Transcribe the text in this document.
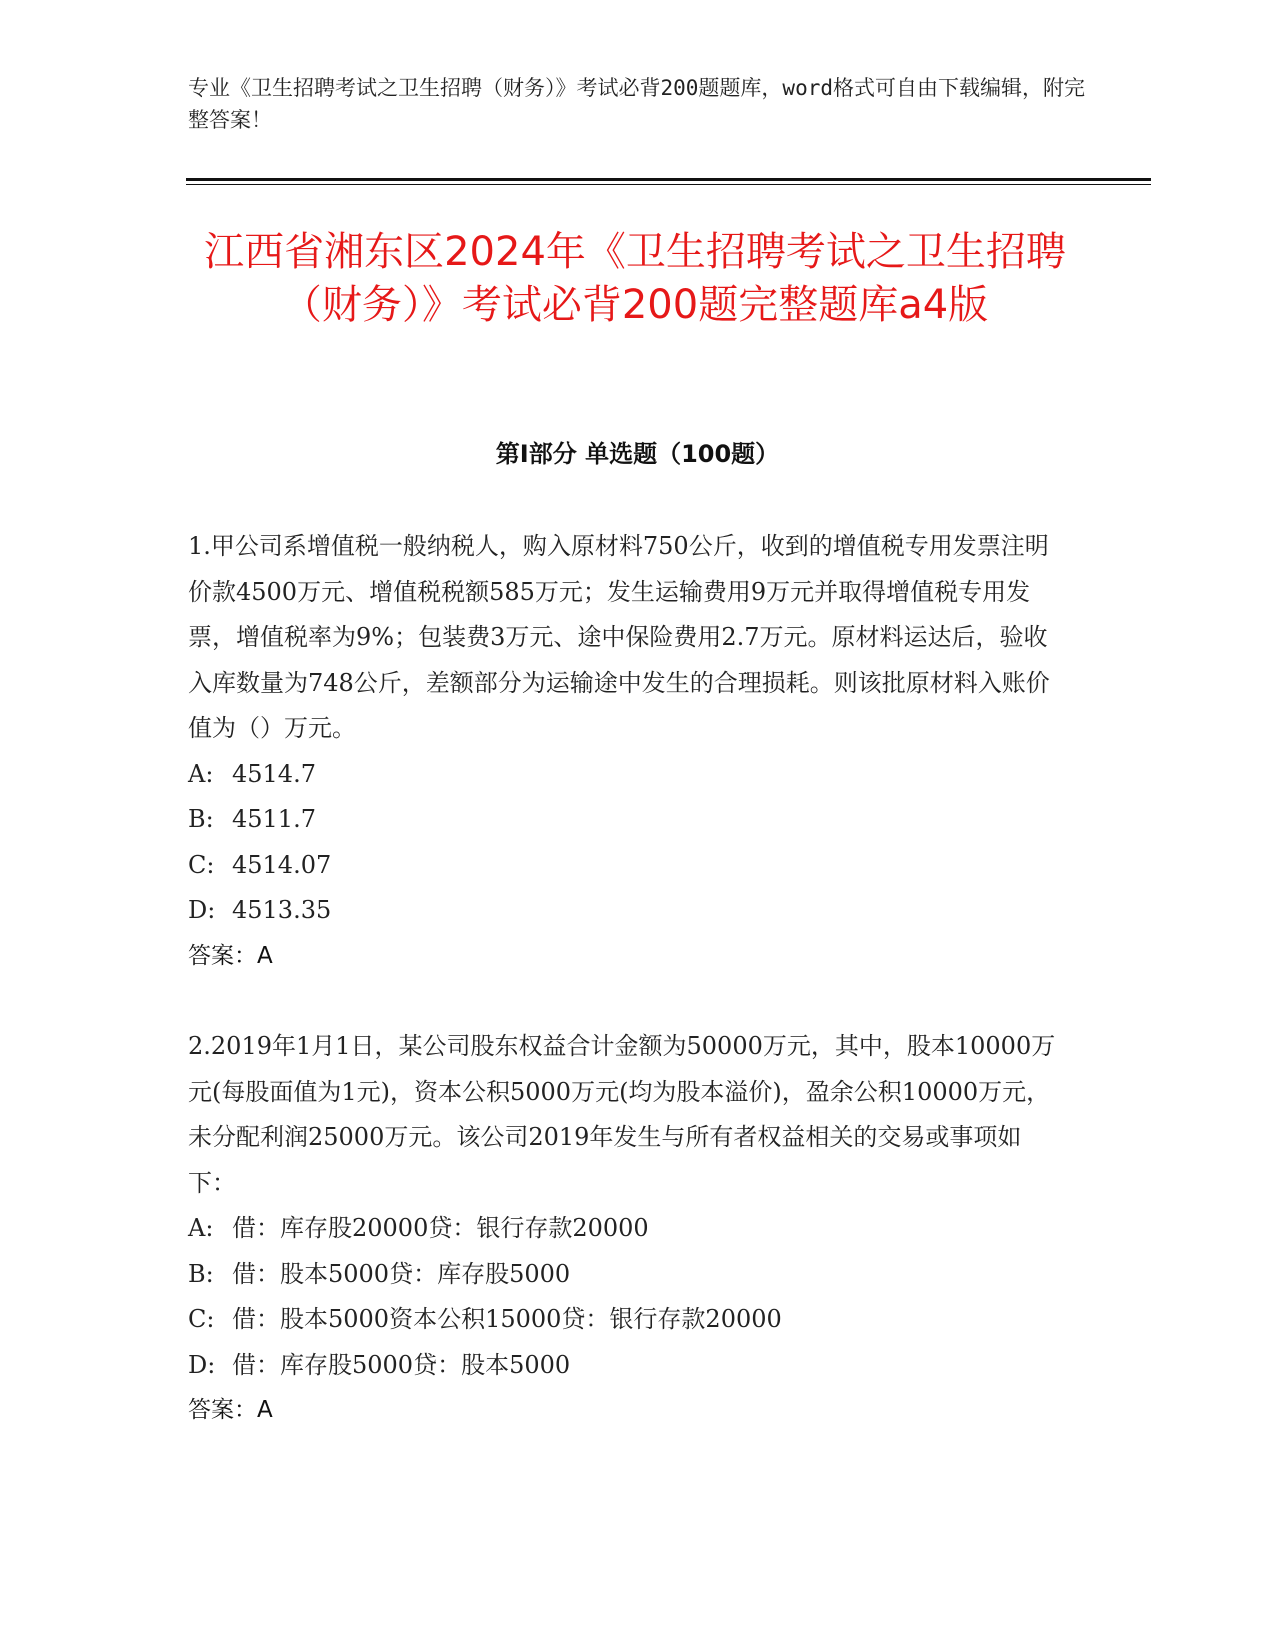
专业《卫生招聘考试之卫生招聘（财务）》考试必背200题题库，word格式可自由下载编辑，附完整答案！
江西省湘东区2024年《卫生招聘考试之卫生招聘（财务）》考试必背200题完整题库a4版
第I部分 单选题（100题）

1.甲公司系增值税一般纳税人，购入原材料750公斤，收到的增值税专用发票注明价款4500万元、增值税税额585万元；发生运输费用9万元并取得增值税专用发票，增值税率为9%；包装费3万元、途中保险费用2.7万元。原材料运达后，验收入库数量为748公斤，差额部分为运输途中发生的合理损耗。则该批原材料入账价值为（）万元。

A: 4514.7

B: 4511.7

C: 4514.07

D: 4513.35

答案：A

2.2019年1月1日，某公司股东权益合计金额为50000万元，其中，股本10000万元(每股面值为1元)，资本公积5000万元(均为股本溢价)，盈余公积10000万元，未分配利润25000万元。该公司2019年发生与所有者权益相关的交易或事项如下：

A: 借：库存股20000贷：银行存款20000

B: 借：股本5000贷：库存股5000

C: 借：股本5000资本公积15000贷：银行存款20000

D: 借：库存股5000贷：股本5000

答案：A
